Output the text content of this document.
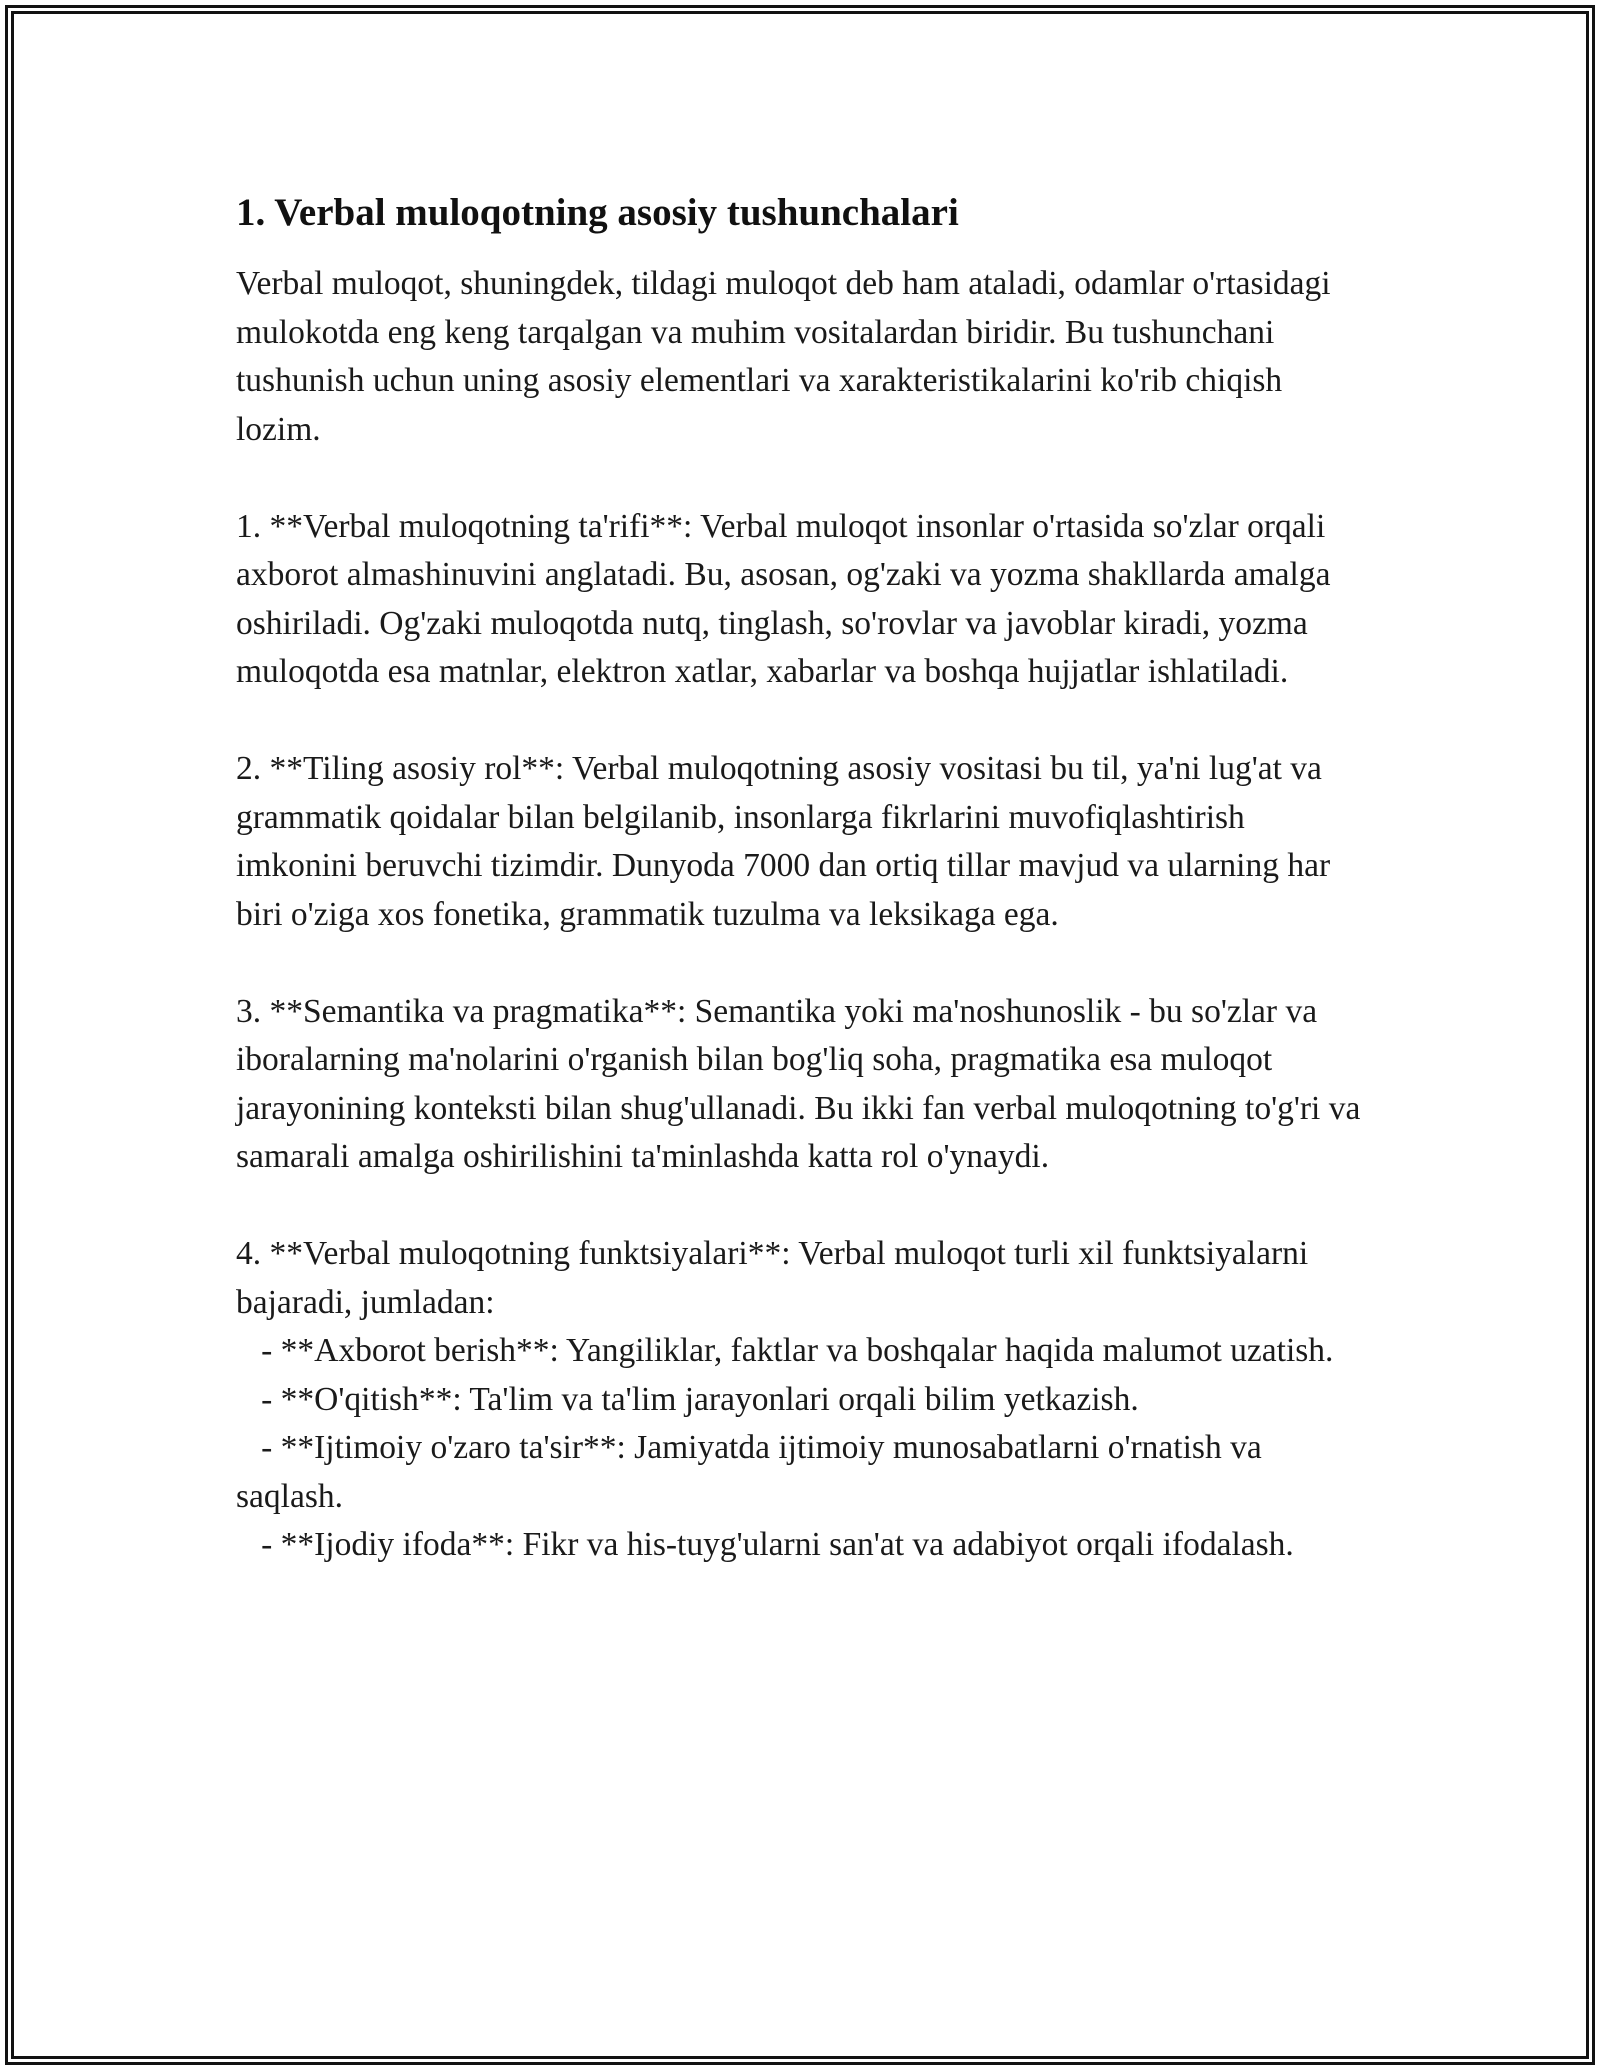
1. Verbal muloqotning asosiy tushunchalari

Verbal muloqot, shuningdek, tildagi muloqot deb ham ataladi, odamlar o'rtasidagi mulokotda eng keng tarqalgan va muhim vositalardan biridir. Bu tushunchani tushunish uchun uning asosiy elementlari va xarakteristikalarini ko'rib chiqish lozim.

1. **Verbal muloqotning ta'rifi**: Verbal muloqot insonlar o'rtasida so'zlar orqali axborot almashinuvini anglatadi. Bu, asosan, og'zaki va yozma shakllarda amalga oshiriladi. Og'zaki muloqotda nutq, tinglash, so'rovlar va javoblar kiradi, yozma muloqotda esa matnlar, elektron xatlar, xabarlar va boshqa hujjatlar ishlatiladi.

2. **Tiling asosiy rol**: Verbal muloqotning asosiy vositasi bu til, ya'ni lug'at va grammatik qoidalar bilan belgilanib, insonlarga fikrlarini muvofiqlashtirish imkonini beruvchi tizimdir. Dunyoda 7000 dan ortiq tillar mavjud va ularning har biri o'ziga xos fonetika, grammatik tuzulma va leksikaga ega.

3. **Semantika va pragmatika**: Semantika yoki ma'noshunoslik - bu so'zlar va iboralarning ma'nolarini o'rganish bilan bog'liq soha, pragmatika esa muloqot jarayonining konteksti bilan shug'ullanadi. Bu ikki fan verbal muloqotning to'g'ri va samarali amalga oshirilishini ta'minlashda katta rol o'ynaydi.

4. **Verbal muloqotning funktsiyalari**: Verbal muloqot turli xil funktsiyalarni bajaradi, jumladan:
- **Axborot berish**: Yangiliklar, faktlar va boshqalar haqida malumot uzatish.
- **O'qitish**: Ta'lim va ta'lim jarayonlari orqali bilim yetkazish.
- **Ijtimoiy o'zaro ta'sir**: Jamiyatda ijtimoiy munosabatlarni o'rnatish va saqlash.
- **Ijodiy ifoda**: Fikr va his-tuyg'ularni san'at va adabiyot orqali ifodalash.
